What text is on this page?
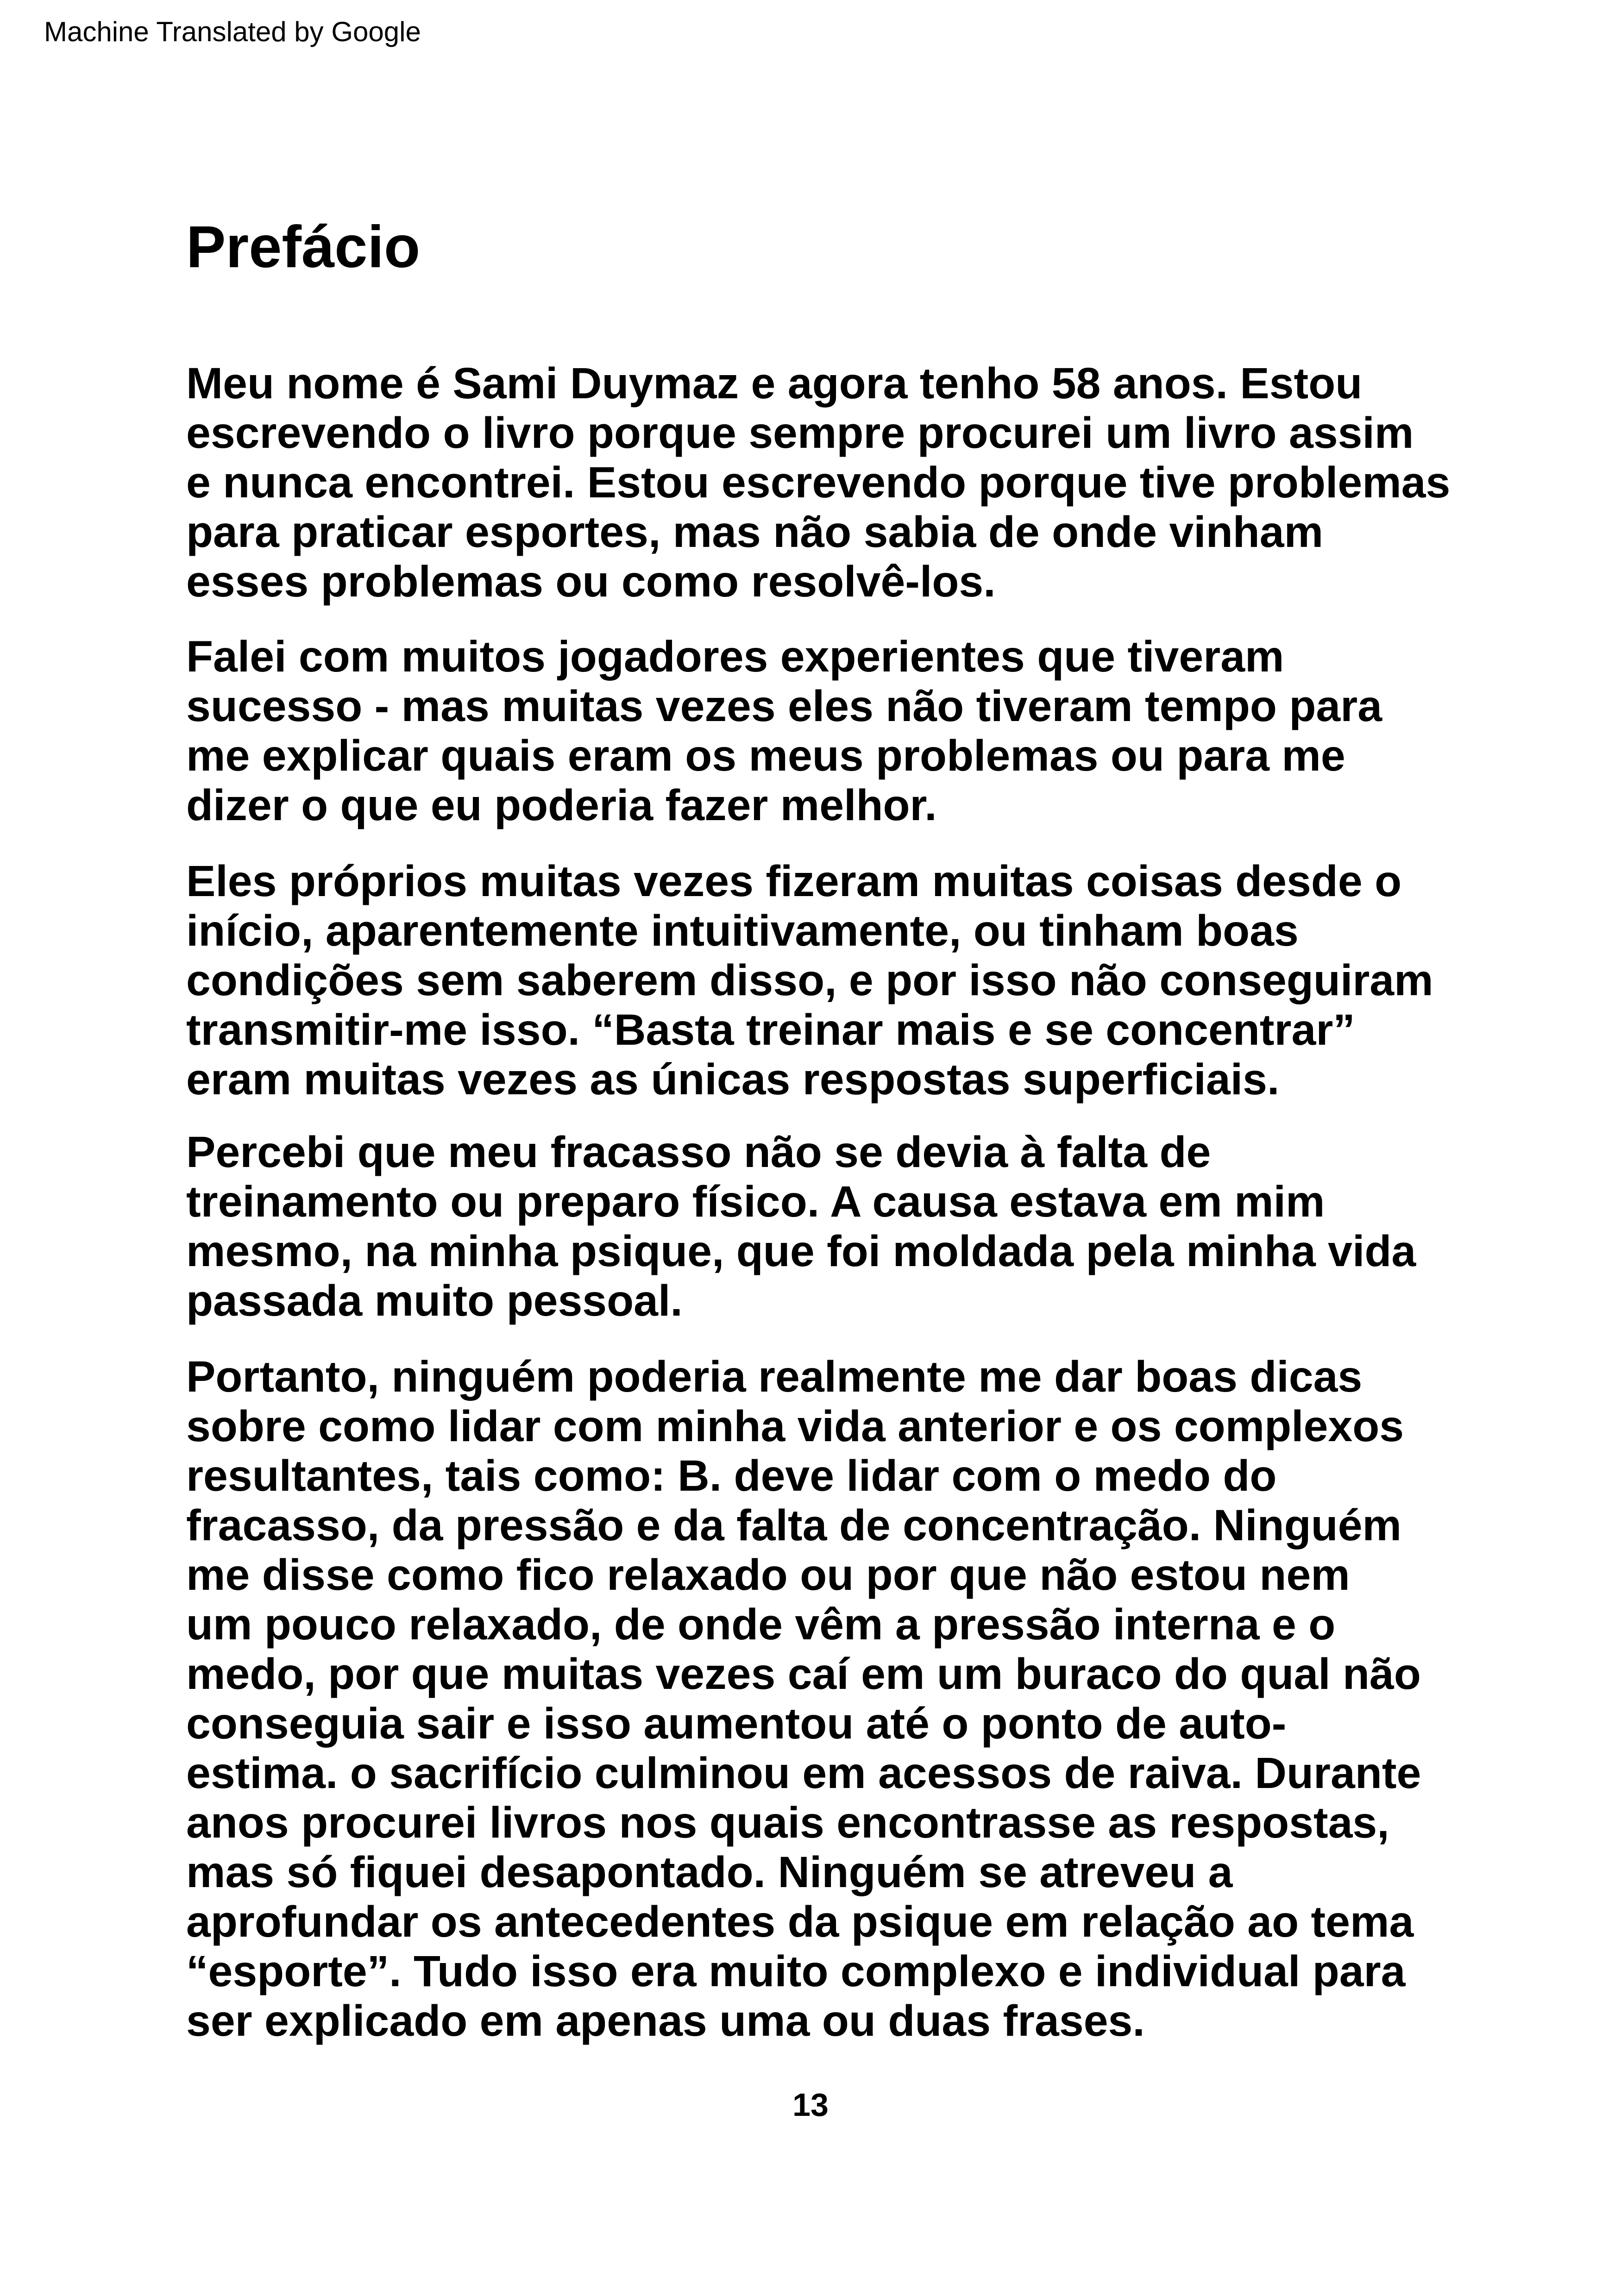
Machine Translated by Google
Prefácio

Meu nome é Sami Duymaz e agora tenho 58 anos. Estou
escrevendo o livro porque sempre procurei um livro assim
e nunca encontrei. Estou escrevendo porque tive problemas
para praticar esportes, mas não sabia de onde vinham
esses problemas ou como resolvê-los.

Falei com muitos jogadores experientes que tiveram
sucesso - mas muitas vezes eles não tiveram tempo para
me explicar quais eram os meus problemas ou para me
dizer o que eu poderia fazer melhor.

Eles próprios muitas vezes fizeram muitas coisas desde o
início, aparentemente intuitivamente, ou tinham boas
condições sem saberem disso, e por isso não conseguiram
transmitir-me isso. “Basta treinar mais e se concentrar”
eram muitas vezes as únicas respostas superficiais.

Percebi que meu fracasso não se devia à falta de
treinamento ou preparo físico. A causa estava em mim
mesmo, na minha psique, que foi moldada pela minha vida
passada muito pessoal.

Portanto, ninguém poderia realmente me dar boas dicas
sobre como lidar com minha vida anterior e os complexos
resultantes, tais como: B. deve lidar com o medo do
fracasso, da pressão e da falta de concentração. Ninguém
me disse como fico relaxado ou por que não estou nem
um pouco relaxado, de onde vêm a pressão interna e o
medo, por que muitas vezes caí em um buraco do qual não
conseguia sair e isso aumentou até o ponto de auto-
estima. o sacrifício culminou em acessos de raiva. Durante
anos procurei livros nos quais encontrasse as respostas,
mas só fiquei desapontado. Ninguém se atreveu a
aprofundar os antecedentes da psique em relação ao tema
“esporte”. Tudo isso era muito complexo e individual para
ser explicado em apenas uma ou duas frases.

13
